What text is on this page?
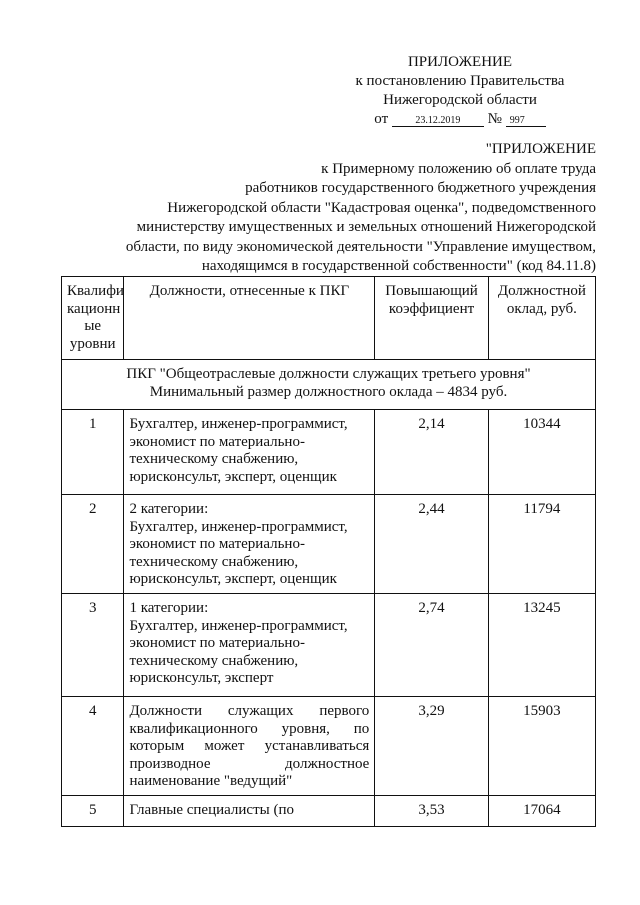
ПРИЛОЖЕНИЕ
к постановлению Правительства
Нижегородской области
от	23.12.2019 № 997
"ПРИЛОЖЕНИЕ
к Примерному положению об оплате труда
работников государственного бюджетного учреждения
Нижегородской области "Кадастровая оценка", подведомственного
министерству имущественных и земельных отношений Нижегородской
области, по виду экономической деятельности "Управление имуществом,
находящимся в государственной собственности" (код 84.11.8)
Квалифи кационн ые уровни	Должности, отнесенные к ПКГ	Повышающий коэффициент	Должностной оклад, руб.

ПКГ "Общеотраслевые должности служащих третьего уровня"
Минимальный размер должностного оклада – 4834 руб.			

1	Бухгалтер, инженер-программист, экономист по материально-техническому снабжению, юрисконсульт, эксперт, оценщик	2,14	10344
2	2 категории:
Бухгалтер, инженер-программист, экономист по материально-техническому снабжению, юрисконсульт, эксперт, оценщик	2,44	11794
3	1 категории:
Бухгалтер, инженер-программист, экономист по материально-техническому снабжению, юрисконсульт, эксперт	2,74	13245
4	Должности служащих первого
квалификационного уровня, по
которым может устанавливаться
производное должностное
наименование "ведущий"	3,29	15903
5	Главные специалисты (по	3,53	17064
